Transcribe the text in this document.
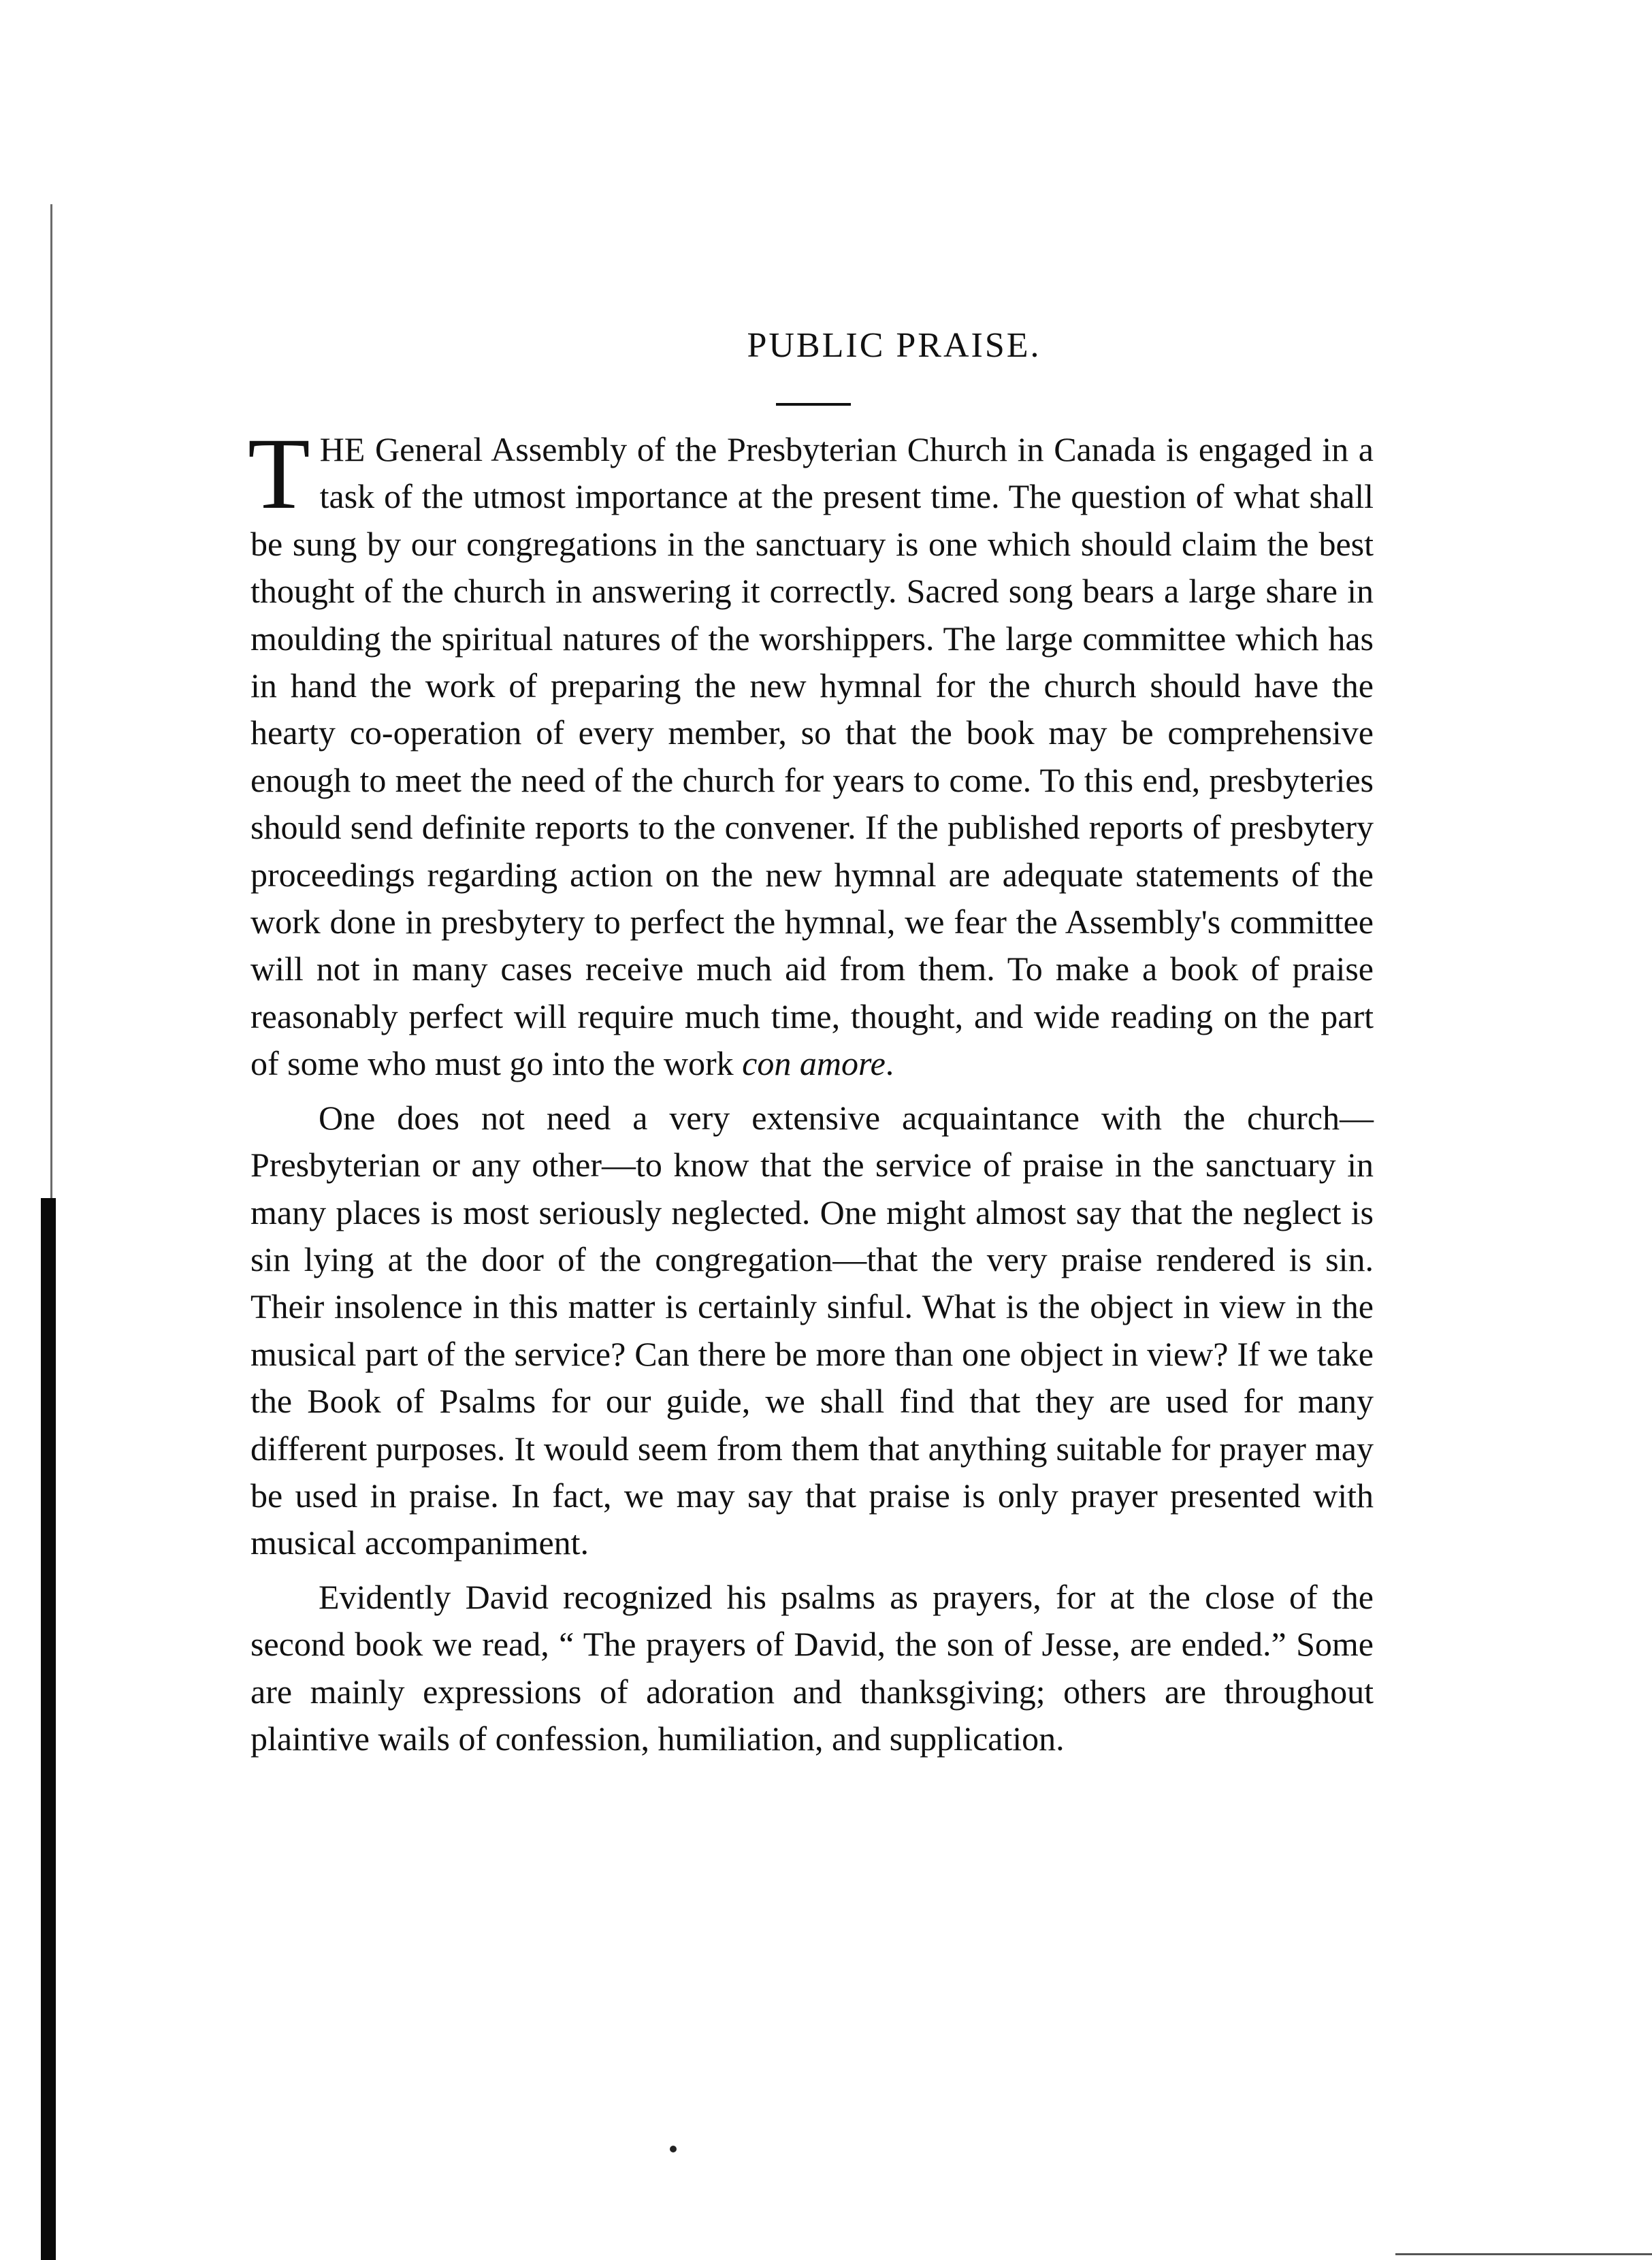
PUBLIC PRAISE.

THE General Assembly of the Presbyterian Church in Canada is engaged in a task of the utmost importance at the present time. The question of what shall be sung by our congregations in the sanctuary is one which should claim the best thought of the church in answering it correctly. Sacred song bears a large share in moulding the spiritual natures of the worshippers. The large committee which has in hand the work of preparing the new hymnal for the church should have the hearty co-operation of every member, so that the book may be comprehensive enough to meet the need of the church for years to come. To this end, presbyteries should send definite reports to the convener. If the published reports of presbytery proceedings regarding action on the new hymnal are adequate statements of the work done in presbytery to perfect the hymnal, we fear the Assembly's committee will not in many cases receive much aid from them. To make a book of praise reasonably perfect will require much time, thought, and wide reading on the part of some who must go into the work con amore.

One does not need a very extensive acquaintance with the church—Presbyterian or any other—to know that the service of praise in the sanctuary in many places is most seriously neglected. One might almost say that the neglect is sin lying at the door of the congregation—that the very praise rendered is sin. Their insolence in this matter is certainly sinful. What is the object in view in the musical part of the service? Can there be more than one object in view? If we take the Book of Psalms for our guide, we shall find that they are used for many different purposes. It would seem from them that anything suitable for prayer may be used in praise. In fact, we may say that praise is only prayer presented with musical accompaniment.

Evidently David recognized his psalms as prayers, for at the close of the second book we read, “ The prayers of David, the son of Jesse, are ended.” Some are mainly expressions of adoration and thanksgiving; others are throughout plaintive wails of confession, humiliation, and supplication.
